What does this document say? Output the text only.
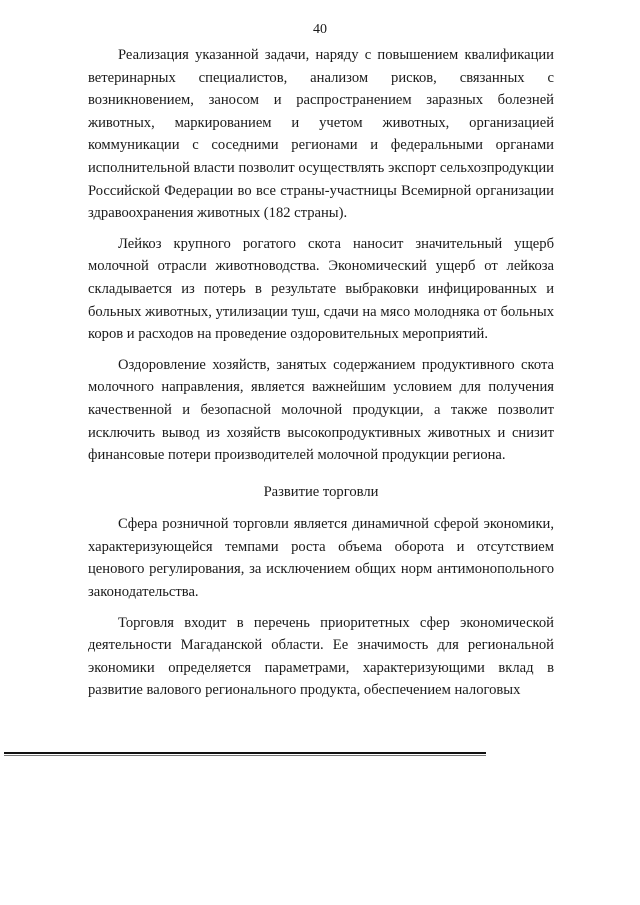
40

Реализация указанной задачи, наряду с повышением квалификации ветеринарных специалистов, анализом рисков, связанных с возникновением, заносом и распространением заразных болезней животных, маркированием и учетом животных, организацией коммуникации с соседними регионами и федеральными органами исполнительной власти позволит осуществлять экспорт сельхозпродукции Российской Федерации во все страны-участницы Всемирной организации здравоохранения животных (182 страны).

Лейкоз крупного рогатого скота наносит значительный ущерб молочной отрасли животноводства. Экономический ущерб от лейкоза складывается из потерь в результате выбраковки инфицированных и больных животных, утилизации туш, сдачи на мясо молодняка от больных коров и расходов на проведение оздоровительных мероприятий.

Оздоровление хозяйств, занятых содержанием продуктивного скота молочного направления, является важнейшим условием для получения качественной и безопасной молочной продукции, а также позволит исключить вывод из хозяйств высокопродуктивных животных и снизит финансовые потери производителей молочной продукции региона.

Развитие торговли

Сфера розничной торговли является динамичной сферой экономики, характеризующейся темпами роста объема оборота и отсутствием ценового регулирования, за исключением общих норм антимонопольного законодательства.

Торговля входит в перечень приоритетных сфер экономической деятельности Магаданской области. Ее значимость для региональной экономики определяется параметрами, характеризующими вклад в развитие валового регионального продукта, обеспечением налоговых
